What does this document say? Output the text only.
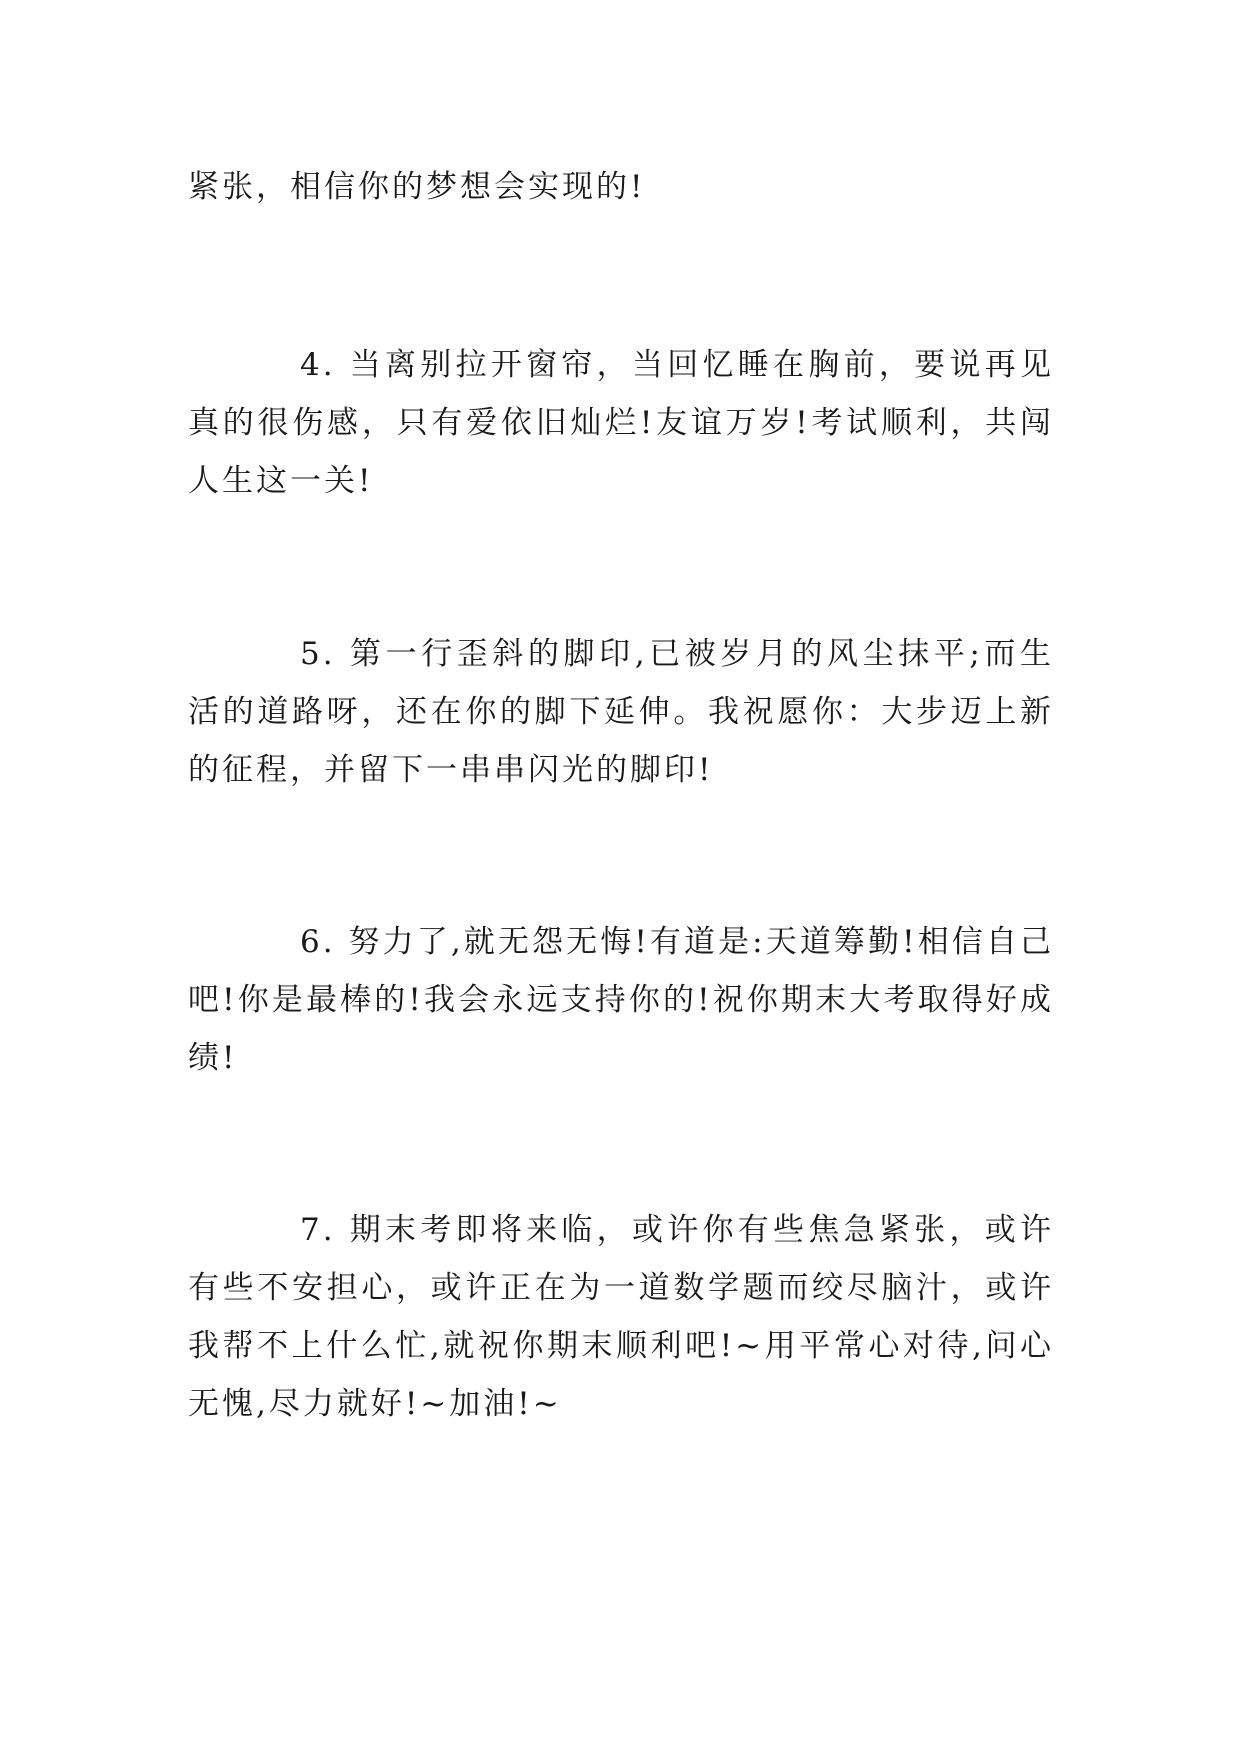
紧张，相信你的梦想会实现的!

4. 当离别拉开窗帘，当回忆睡在胸前，要说再见真的很伤感，只有爱依旧灿烂!友谊万岁!考试顺利，共闯人生这一关!

5. 第一行歪斜的脚印,已被岁月的风尘抹平;而生活的道路呀，还在你的脚下延伸。我祝愿你：大步迈上新的征程，并留下一串串闪光的脚印!

6. 努力了,就无怨无悔!有道是:天道筹勤!相信自己吧!你是最棒的!我会永远支持你的!祝你期末大考取得好成绩!

7. 期末考即将来临，或许你有些焦急紧张，或许有些不安担心，或许正在为一道数学题而绞尽脑汁，或许我帮不上什么忙,就祝你期末顺利吧!~用平常心对待,问心无愧,尽力就好!~加油!~
